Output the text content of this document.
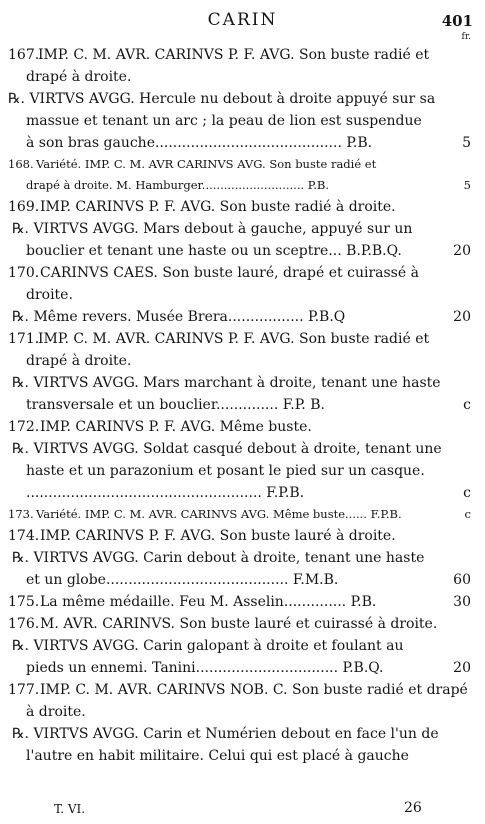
CARIN	401
fr.
167.
IMP. C. M. AVR. CARINVS P. F. AVG. Son buste radié et
drapé à droite.
℞. VIRTVS AVGG. Hercule nu debout à droite appuyé sur sa
massue et tenant un arc ; la peau de lion est suspendue
à son bras gauche.......................................... P.B.	5
168. Variété. IMP. C. M. AVR CARINVS AVG. Son buste radié et
drapé à droite. M. Hamburger............................ P.B.	5
169. IMP. CARINVS P. F. AVG. Son buste radié à droite.
℞. VIRTVS AVGG. Mars debout à gauche, appuyé sur un
bouclier et tenant une haste ou un sceptre... B.P.B.Q.	20
170. CARINVS CAES. Son buste lauré, drapé et cuirassé à
droite.
℞. Même revers. Musée Brera................. P.B.Q	20
171.
IMP. C. M. AVR. CARINVS P. F. AVG. Son buste radié et
drapé à droite.
℞. VIRTVS AVGG. Mars marchant à droite, tenant une haste
transversale et un bouclier.............. F.P. B.	c
172. IMP. CARINVS P. F. AVG. Même buste.
℞. VIRTVS AVGG. Soldat casqué debout à droite, tenant une
haste et un parazonium et posant le pied sur un casque.
..................................................... F.P.B.	c
173. Variété. IMP. C. M. AVR. CARINVS AVG. Même buste...... F.P.B.	c
174. IMP. CARINVS P. F. AVG. Son buste lauré à droite.
℞. VIRTVS AVGG. Carin debout à droite, tenant une haste
et un globe......................................... F.M.B.	60
175. La même médaille. Feu M. Asselin.............. P.B.	30
176. M. AVR. CARINVS. Son buste lauré et cuirassé à droite.
℞. VIRTVS AVGG. Carin galopant à droite et foulant au
pieds un ennemi. Tanini................................ P.B.Q.	20
177. IMP. C. M. AVR. CARINVS NOB. C. Son buste radié et drapé
à droite.
℞. VIRTVS AVGG. Carin et Numérien debout en face l'un de
l'autre en habit militaire. Celui qui est placé à gauche
T. VI.	26
